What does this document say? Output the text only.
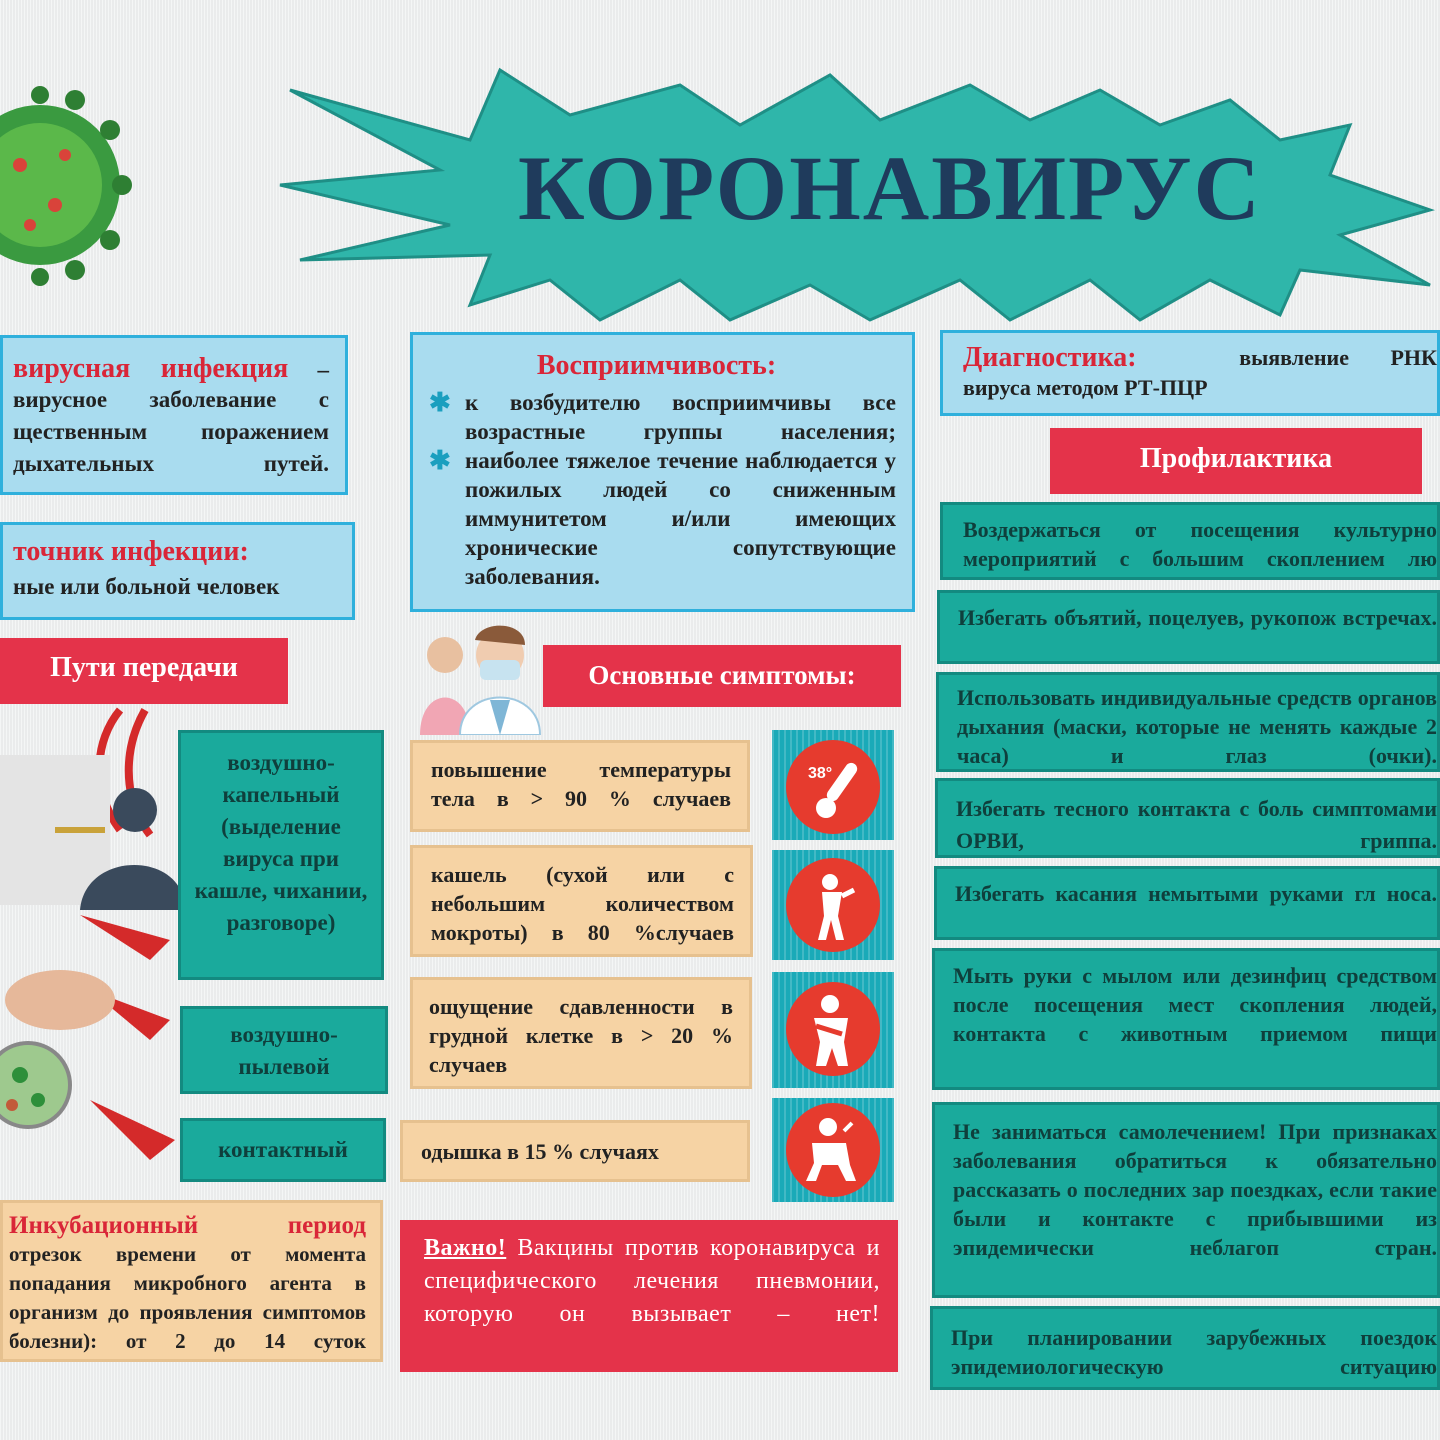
КОРОНАВИРУС
вирусная инфекция –
вирусное заболевание с щественным поражением дыхательных путей.
точник инфекции:
ные или больной человек
Пути передачи
воздушно-капельный (выделение вируса при кашле, чихании, разговоре)
воздушно-пылевой
контактный
Инкубационный	период
отрезок времени от момента попадания микробного агента в организм до проявления симптомов болезни): от 2 до 14 суток
Восприимчивость:
✱ к возбудителю восприимчивы все возрастные группы населения;
✱ наиболее тяжелое течение наблюдается у пожилых людей со сниженным иммунитетом и/или имеющих хронические сопутствующие заболевания.
Основные симптомы:
повышение температуры тела в > 90 % случаев
кашель (сухой или с небольшим количеством мокроты) в 80 %случаев
ощущение сдавленности в грудной клетке в > 20 % случаев
одышка в 15 % случаях
38°
Важно! Вакцины против коронавируса и специфического лечения пневмонии, которую он вызывает – нет!
Диагностика:	выявление РНК
вируса методом РТ-ПЦР
Профилактика
Воздержаться от посещения культурно мероприятий с большим скоплением лю
Избегать объятий, поцелуев, рукопож встречах.
Использовать индивидуальные средств органов дыхания (маски, которые не менять каждые 2 часа) и глаз (очки).
Избегать тесного контакта с боль симптомами ОРВИ, гриппа.
Избегать касания немытыми руками гл носа.
Мыть руки с мылом или дезинфиц средством после посещения мест скопления людей, контакта с животным приемом пищи
Не заниматься самолечением! При признаках заболевания обратиться к обязательно рассказать о последних зар поездках, если такие были и контакте с прибывшими из эпидемически неблагоп стран.
При планировании зарубежных поездок эпидемиологическую ситуацию
